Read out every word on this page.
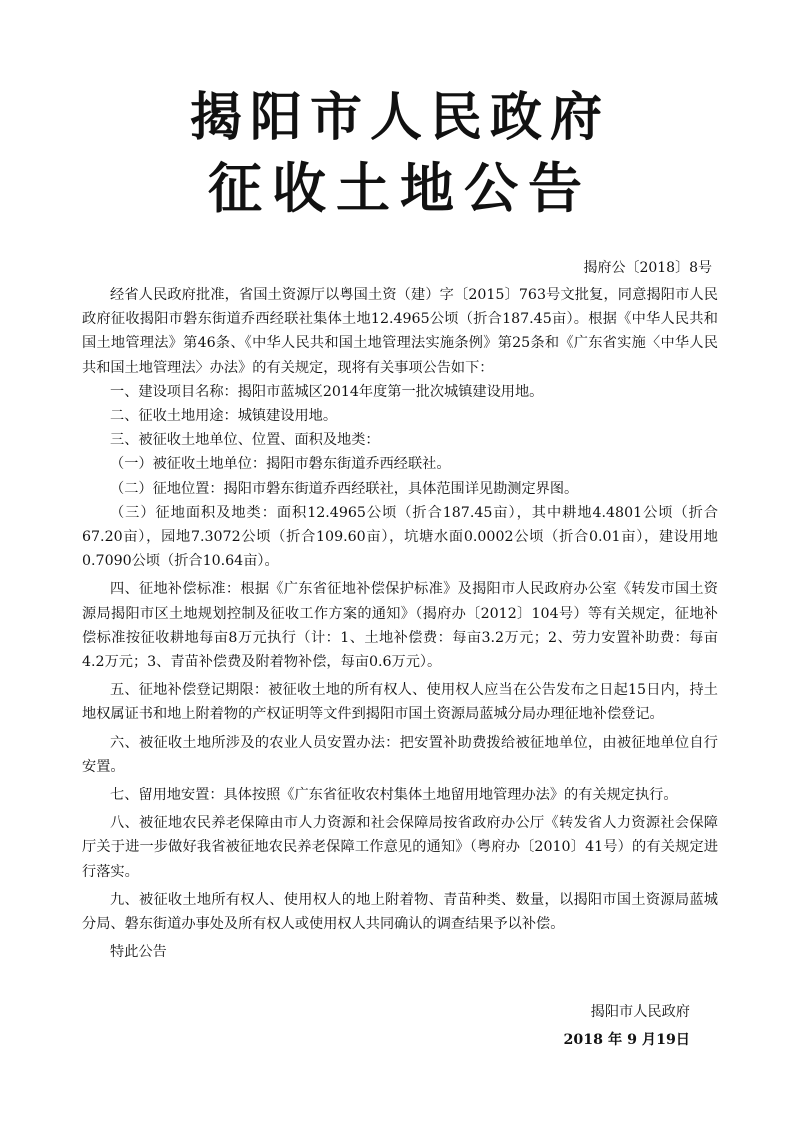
揭阳市人民政府
征收土地公告
揭府公〔2018〕8号

经省人民政府批准，省国土资源厅以粤国土资（建）字〔2015〕763号文批复，同意揭阳市人民政府征收揭阳市磐东街道乔西经联社集体土地12.4965公顷（折合187.45亩）。根据《中华人民共和国土地管理法》第46条、《中华人民共和国土地管理法实施条例》第25条和《广东省实施〈中华人民共和国土地管理法〉办法》的有关规定，现将有关事项公告如下：

一、建设项目名称：揭阳市蓝城区2014年度第一批次城镇建设用地。

二、征收土地用途：城镇建设用地。

三、被征收土地单位、位置、面积及地类：

（一）被征收土地单位：揭阳市磐东街道乔西经联社。

（二）征地位置：揭阳市磐东街道乔西经联社，具体范围详见勘测定界图。

（三）征地面积及地类：面积12.4965公顷（折合187.45亩），其中耕地4.4801公顷（折合67.20亩），园地7.3072公顷（折合109.60亩），坑塘水面0.0002公顷（折合0.01亩），建设用地0.7090公顷（折合10.64亩）。

四、征地补偿标准：根据《广东省征地补偿保护标准》及揭阳市人民政府办公室《转发市国土资源局揭阳市区土地规划控制及征收工作方案的通知》（揭府办〔2012〕104号）等有关规定，征地补偿标准按征收耕地每亩8万元执行（计：1、土地补偿费：每亩3.2万元；2、劳力安置补助费：每亩4.2万元；3、青苗补偿费及附着物补偿，每亩0.6万元）。

五、征地补偿登记期限：被征收土地的所有权人、使用权人应当在公告发布之日起15日内，持土地权属证书和地上附着物的产权证明等文件到揭阳市国土资源局蓝城分局办理征地补偿登记。

六、被征收土地所涉及的农业人员安置办法：把安置补助费拨给被征地单位，由被征地单位自行安置。

七、留用地安置：具体按照《广东省征收农村集体土地留用地管理办法》的有关规定执行。

八、被征地农民养老保障由市人力资源和社会保障局按省政府办公厅《转发省人力资源社会保障厅关于进一步做好我省被征地农民养老保障工作意见的通知》（粤府办〔2010〕41号）的有关规定进行落实。

九、被征收土地所有权人、使用权人的地上附着物、青苗种类、数量，以揭阳市国土资源局蓝城分局、磐东街道办事处及所有权人或使用权人共同确认的调查结果予以补偿。

特此公告

揭阳市人民政府
2018 年 9 月19日
